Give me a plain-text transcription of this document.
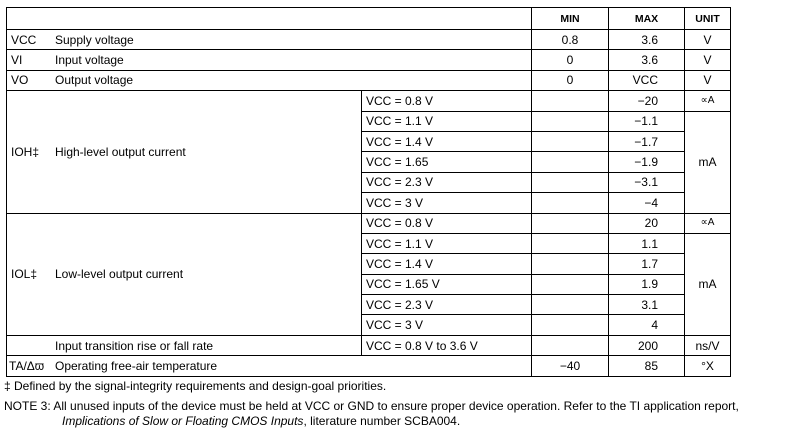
			MIN	MAX	UNIT
VCC	Supply voltage		0.8	3.6	V
VI	Input voltage		0	3.6	V
VO	Output voltage		0	VCC	V
IOH‡	High-level output current	VCC = 0.8 V		−20	∝A
		VCC = 1.1 V		−1.1	mA
		VCC = 1.4 V		−1.7	
		VCC = 1.65		−1.9	
		VCC = 2.3 V		−3.1	
		VCC = 3 V		−4	
IOL‡	Low-level output current	VCC = 0.8 V		20	∝A
		VCC = 1.1 V		1.1	mA
		VCC = 1.4 V		1.7	
		VCC = 1.65 V		1.9	
		VCC = 2.3 V		3.1	
		VCC = 3 V		4	
	Input transition rise or fall rate	VCC = 0.8 V to 3.6 V		200	ns/V
ΤΑ/Δϖ	Operating free-air temperature		−40	85	°X
‡ Defined by the signal-integrity requirements and design-goal priorities.
NOTE 3: All unused inputs of the device must be held at VCC or GND to ensure proper device operation. Refer to the TI application report,
Implications of Slow or Floating CMOS Inputs, literature number SCBA004.
